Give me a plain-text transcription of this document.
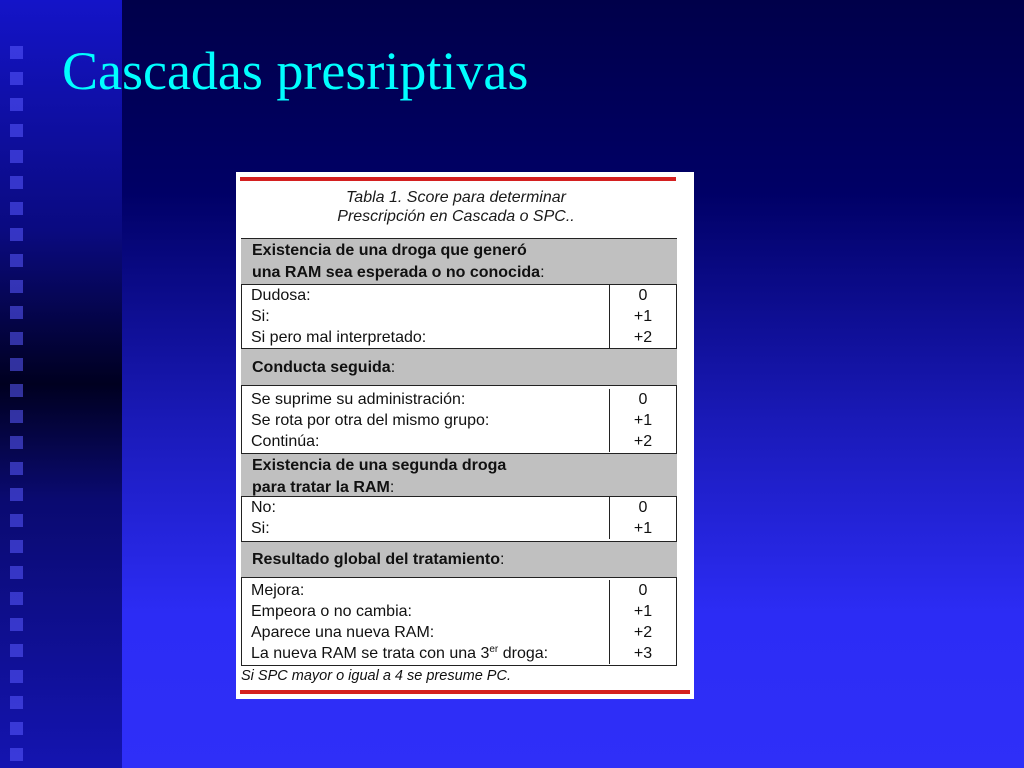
Cascadas presriptivas
Tabla 1. Score para determinar
Prescripción en Cascada o SPC..
Existencia de una droga que generó
una RAM sea esperada o no conocida:
Dudosa:	0
Si:	+1
Si pero mal interpretado:	+2
Conducta seguida:
Se suprime su administración:	0
Se rota por otra del mismo grupo:	+1
Continúa:	+2
Existencia de una segunda droga
para tratar la RAM:
No:	0
Si:	+1
Resultado global del tratamiento:
Mejora:	0
Empeora o no cambia:	+1
Aparece una nueva RAM:	+2
La nueva RAM se trata con una 3er droga:	+3
Si SPC mayor o igual a 4 se presume PC.
